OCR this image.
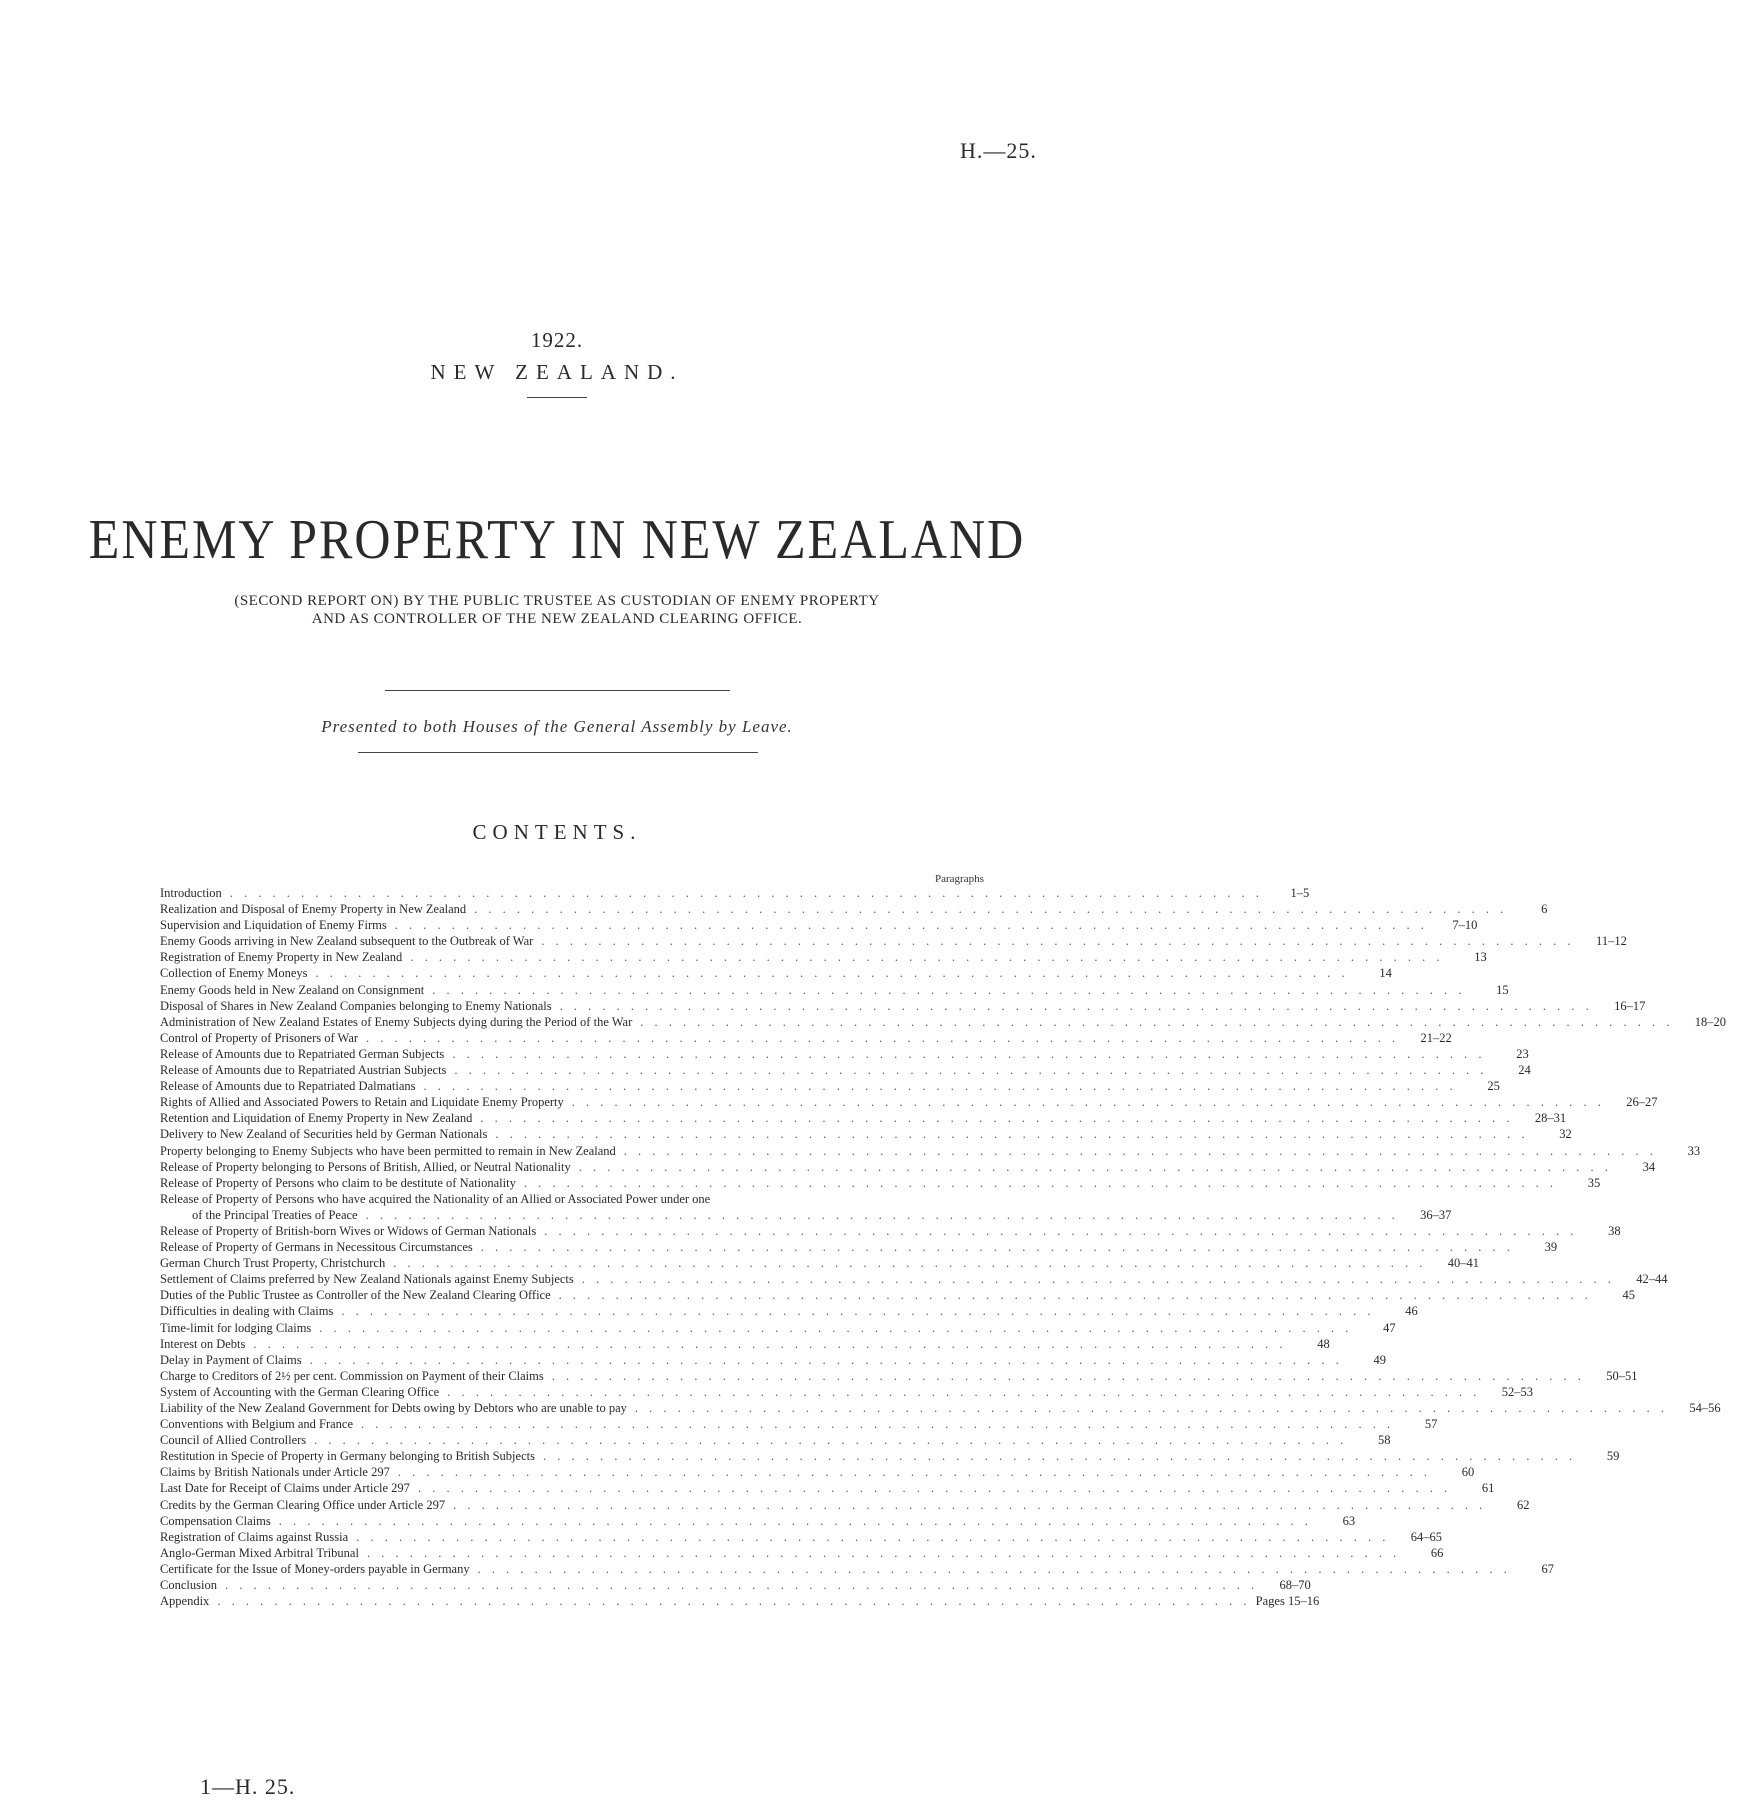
H.—25.
1922.
NEW ZEALAND.
ENEMY PROPERTY IN NEW ZEALAND
(SECOND REPORT ON) BY THE PUBLIC TRUSTEE AS CUSTODIAN OF ENEMY PROPERTY
AND AS CONTROLLER OF THE NEW ZEALAND CLEARING OFFICE.
Presented to both Houses of the General Assembly by Leave.
CONTENTS.
Paragraphs
Introduction . . . . . . . . . . . . . . . . . . . . . . . . . . . . . . . . . . . . . . . . . . . . . . . . . . . . . . . . . . . . . . . . . . . . . . . . .	1–5
Realization and Disposal of Enemy Property in New Zealand . . . . . . . . . . . . . . . . . . . . . . . . . . . . . . . . . . . . . . . . . . . . . . . . . . . . . . . . . . . . . . . . . . . . . . . . .	6
Supervision and Liquidation of Enemy Firms . . . . . . . . . . . . . . . . . . . . . . . . . . . . . . . . . . . . . . . . . . . . . . . . . . . . . . . . . . . . . . . . . . . . . . . . .	7–10
Enemy Goods arriving in New Zealand subsequent to the Outbreak of War . . . . . . . . . . . . . . . . . . . . . . . . . . . . . . . . . . . . . . . . . . . . . . . . . . . . . . . . . . . . . . . . . . . . . . . . .	11–12
Registration of Enemy Property in New Zealand . . . . . . . . . . . . . . . . . . . . . . . . . . . . . . . . . . . . . . . . . . . . . . . . . . . . . . . . . . . . . . . . . . . . . . . . .	13
Collection of Enemy Moneys . . . . . . . . . . . . . . . . . . . . . . . . . . . . . . . . . . . . . . . . . . . . . . . . . . . . . . . . . . . . . . . . . . . . . . . . .	14
Enemy Goods held in New Zealand on Consignment . . . . . . . . . . . . . . . . . . . . . . . . . . . . . . . . . . . . . . . . . . . . . . . . . . . . . . . . . . . . . . . . . . . . . . . . .	15
Disposal of Shares in New Zealand Companies belonging to Enemy Nationals . . . . . . . . . . . . . . . . . . . . . . . . . . . . . . . . . . . . . . . . . . . . . . . . . . . . . . . . . . . . . . . . . . . . . . . . .	16–17
Administration of New Zealand Estates of Enemy Subjects dying during the Period of the War . . . . . . . . . . . . . . . . . . . . . . . . . . . . . . . . . . . . . . . . . . . . . . . . . . . . . . . . . . . . . . . . . . . . . . . . .	18–20
Control of Property of Prisoners of War . . . . . . . . . . . . . . . . . . . . . . . . . . . . . . . . . . . . . . . . . . . . . . . . . . . . . . . . . . . . . . . . . . . . . . . . .	21–22
Release of Amounts due to Repatriated German Subjects . . . . . . . . . . . . . . . . . . . . . . . . . . . . . . . . . . . . . . . . . . . . . . . . . . . . . . . . . . . . . . . . . . . . . . . . .	23
Release of Amounts due to Repatriated Austrian Subjects . . . . . . . . . . . . . . . . . . . . . . . . . . . . . . . . . . . . . . . . . . . . . . . . . . . . . . . . . . . . . . . . . . . . . . . . .	24
Release of Amounts due to Repatriated Dalmatians . . . . . . . . . . . . . . . . . . . . . . . . . . . . . . . . . . . . . . . . . . . . . . . . . . . . . . . . . . . . . . . . . . . . . . . . .	25
Rights of Allied and Associated Powers to Retain and Liquidate Enemy Property . . . . . . . . . . . . . . . . . . . . . . . . . . . . . . . . . . . . . . . . . . . . . . . . . . . . . . . . . . . . . . . . . . . . . . . . .	26–27
Retention and Liquidation of Enemy Property in New Zealand . . . . . . . . . . . . . . . . . . . . . . . . . . . . . . . . . . . . . . . . . . . . . . . . . . . . . . . . . . . . . . . . . . . . . . . . .	28–31
Delivery to New Zealand of Securities held by German Nationals . . . . . . . . . . . . . . . . . . . . . . . . . . . . . . . . . . . . . . . . . . . . . . . . . . . . . . . . . . . . . . . . . . . . . . . . .	32
Property belonging to Enemy Subjects who have been permitted to remain in New Zealand . . . . . . . . . . . . . . . . . . . . . . . . . . . . . . . . . . . . . . . . . . . . . . . . . . . . . . . . . . . . . . . . . . . . . . . . .	33
Release of Property belonging to Persons of British, Allied, or Neutral Nationality . . . . . . . . . . . . . . . . . . . . . . . . . . . . . . . . . . . . . . . . . . . . . . . . . . . . . . . . . . . . . . . . . . . . . . . . .	34
Release of Property of Persons who claim to be destitute of Nationality . . . . . . . . . . . . . . . . . . . . . . . . . . . . . . . . . . . . . . . . . . . . . . . . . . . . . . . . . . . . . . . . . . . . . . . . .	35
Release of Property of Persons who have acquired the Nationality of an Allied or Associated Power under one
of the Principal Treaties of Peace . . . . . . . . . . . . . . . . . . . . . . . . . . . . . . . . . . . . . . . . . . . . . . . . . . . . . . . . . . . . . . . . . . . . . . . . .	36–37
Release of Property of British-born Wives or Widows of German Nationals . . . . . . . . . . . . . . . . . . . . . . . . . . . . . . . . . . . . . . . . . . . . . . . . . . . . . . . . . . . . . . . . . . . . . . . . .	38
Release of Property of Germans in Necessitous Circumstances . . . . . . . . . . . . . . . . . . . . . . . . . . . . . . . . . . . . . . . . . . . . . . . . . . . . . . . . . . . . . . . . . . . . . . . . .	39
German Church Trust Property, Christchurch . . . . . . . . . . . . . . . . . . . . . . . . . . . . . . . . . . . . . . . . . . . . . . . . . . . . . . . . . . . . . . . . . . . . . . . . .	40–41
Settlement of Claims preferred by New Zealand Nationals against Enemy Subjects . . . . . . . . . . . . . . . . . . . . . . . . . . . . . . . . . . . . . . . . . . . . . . . . . . . . . . . . . . . . . . . . . . . . . . . . .	42–44
Duties of the Public Trustee as Controller of the New Zealand Clearing Office . . . . . . . . . . . . . . . . . . . . . . . . . . . . . . . . . . . . . . . . . . . . . . . . . . . . . . . . . . . . . . . . . . . . . . . . .	45
Difficulties in dealing with Claims . . . . . . . . . . . . . . . . . . . . . . . . . . . . . . . . . . . . . . . . . . . . . . . . . . . . . . . . . . . . . . . . . . . . . . . . .	46
Time-limit for lodging Claims . . . . . . . . . . . . . . . . . . . . . . . . . . . . . . . . . . . . . . . . . . . . . . . . . . . . . . . . . . . . . . . . . . . . . . . . .	47
Interest on Debts . . . . . . . . . . . . . . . . . . . . . . . . . . . . . . . . . . . . . . . . . . . . . . . . . . . . . . . . . . . . . . . . . . . . . . . . .	48
Delay in Payment of Claims . . . . . . . . . . . . . . . . . . . . . . . . . . . . . . . . . . . . . . . . . . . . . . . . . . . . . . . . . . . . . . . . . . . . . . . . .	49
Charge to Creditors of 2½ per cent. Commission on Payment of their Claims . . . . . . . . . . . . . . . . . . . . . . . . . . . . . . . . . . . . . . . . . . . . . . . . . . . . . . . . . . . . . . . . . . . . . . . . .	50–51
System of Accounting with the German Clearing Office . . . . . . . . . . . . . . . . . . . . . . . . . . . . . . . . . . . . . . . . . . . . . . . . . . . . . . . . . . . . . . . . . . . . . . . . .	52–53
Liability of the New Zealand Government for Debts owing by Debtors who are unable to pay . . . . . . . . . . . . . . . . . . . . . . . . . . . . . . . . . . . . . . . . . . . . . . . . . . . . . . . . . . . . . . . . . . . . . . . . .	54–56
Conventions with Belgium and France . . . . . . . . . . . . . . . . . . . . . . . . . . . . . . . . . . . . . . . . . . . . . . . . . . . . . . . . . . . . . . . . . . . . . . . . .	57
Council of Allied Controllers . . . . . . . . . . . . . . . . . . . . . . . . . . . . . . . . . . . . . . . . . . . . . . . . . . . . . . . . . . . . . . . . . . . . . . . . .	58
Restitution in Specie of Property in Germany belonging to British Subjects . . . . . . . . . . . . . . . . . . . . . . . . . . . . . . . . . . . . . . . . . . . . . . . . . . . . . . . . . . . . . . . . . . . . . . . . .	59
Claims by British Nationals under Article 297 . . . . . . . . . . . . . . . . . . . . . . . . . . . . . . . . . . . . . . . . . . . . . . . . . . . . . . . . . . . . . . . . . . . . . . . . .	60
Last Date for Receipt of Claims under Article 297 . . . . . . . . . . . . . . . . . . . . . . . . . . . . . . . . . . . . . . . . . . . . . . . . . . . . . . . . . . . . . . . . . . . . . . . . .	61
Credits by the German Clearing Office under Article 297 . . . . . . . . . . . . . . . . . . . . . . . . . . . . . . . . . . . . . . . . . . . . . . . . . . . . . . . . . . . . . . . . . . . . . . . . .	62
Compensation Claims . . . . . . . . . . . . . . . . . . . . . . . . . . . . . . . . . . . . . . . . . . . . . . . . . . . . . . . . . . . . . . . . . . . . . . . . .	63
Registration of Claims against Russia . . . . . . . . . . . . . . . . . . . . . . . . . . . . . . . . . . . . . . . . . . . . . . . . . . . . . . . . . . . . . . . . . . . . . . . . .	64–65
Anglo-German Mixed Arbitral Tribunal . . . . . . . . . . . . . . . . . . . . . . . . . . . . . . . . . . . . . . . . . . . . . . . . . . . . . . . . . . . . . . . . . . . . . . . . .	66
Certificate for the Issue of Money-orders payable in Germany . . . . . . . . . . . . . . . . . . . . . . . . . . . . . . . . . . . . . . . . . . . . . . . . . . . . . . . . . . . . . . . . . . . . . . . . .	67
Conclusion . . . . . . . . . . . . . . . . . . . . . . . . . . . . . . . . . . . . . . . . . . . . . . . . . . . . . . . . . . . . . . . . . . . . . . . . .	68–70
Appendix . . . . . . . . . . . . . . . . . . . . . . . . . . . . . . . . . . . . . . . . . . . . . . . . . . . . . . . . . . . . . . . . . . . . . . . . . Pages 15–16
1—H. 25.
